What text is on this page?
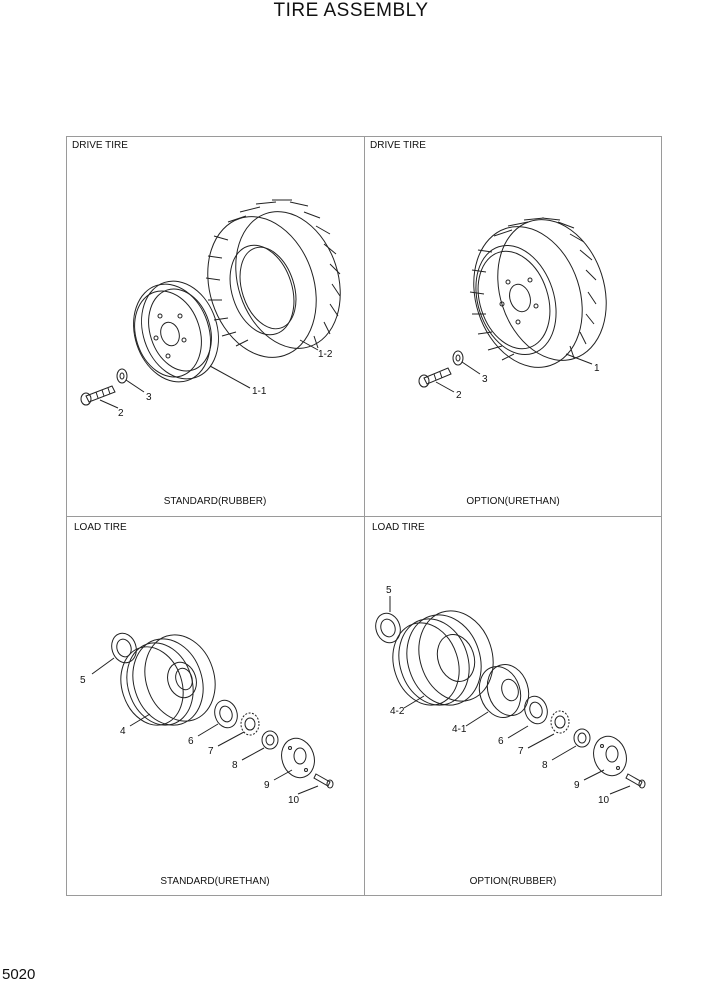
TIRE ASSEMBLY
DRIVE TIRE	DRIVE TIRE
LOAD TIRE	LOAD TIRE
STANDARD(RUBBER)	OPTION(URETHAN)
STANDARD(URETHAN)	OPTION(RUBBER)
1-2
1-1
3
2
1
3
2
5
4
6
7
8
9
10
5
4-2
4-1
6
7
8
9
10
5020
